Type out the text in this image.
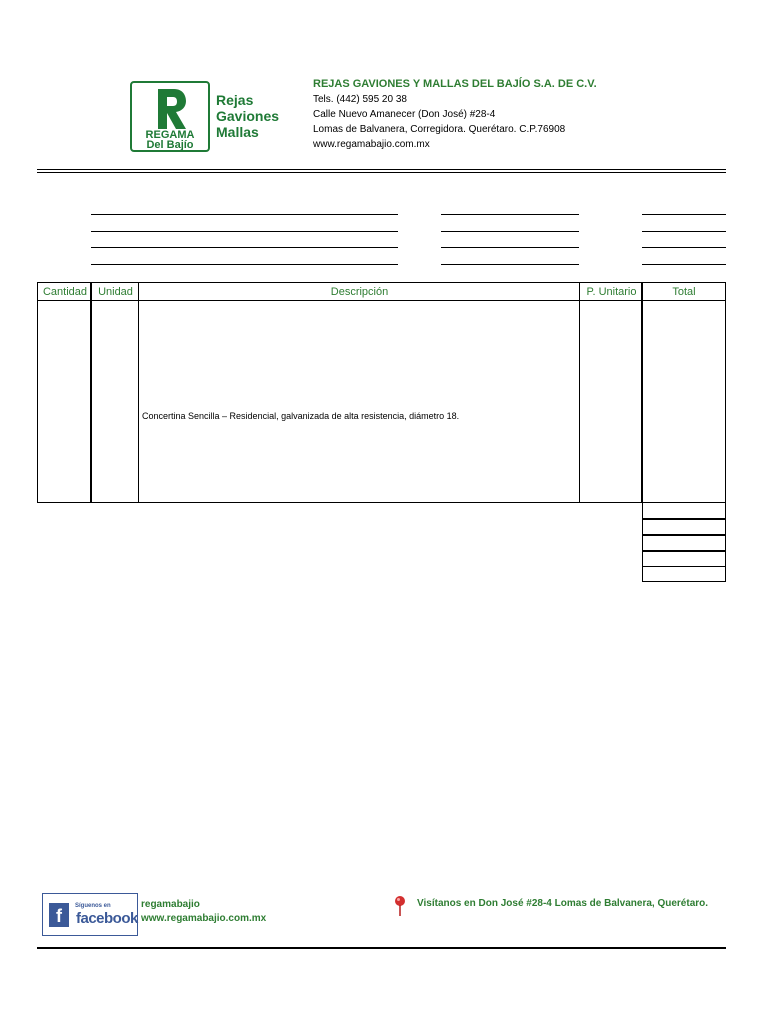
REGAMA
Del Bajío
Rejas
Gaviones
Mallas
REJAS GAVIONES Y MALLAS DEL BAJÍO S.A. DE C.V.
Tels. (442) 595 20 38
Calle Nuevo Amanecer (Don José) #28-4
Lomas de Balvanera, Corregidora. Querétaro. C.P.76908
www.regamabajio.com.mx
Cantidad	Unidad	Descripción	P. Unitario	Total
Concertina Sencilla – Residencial, galvanizada de alta resistencia, diámetro 18.
f	Síguenos en
facebook
regamabajio
www.regamabajio.com.mx
Visítanos en Don José #28-4 Lomas de Balvanera, Querétaro.
